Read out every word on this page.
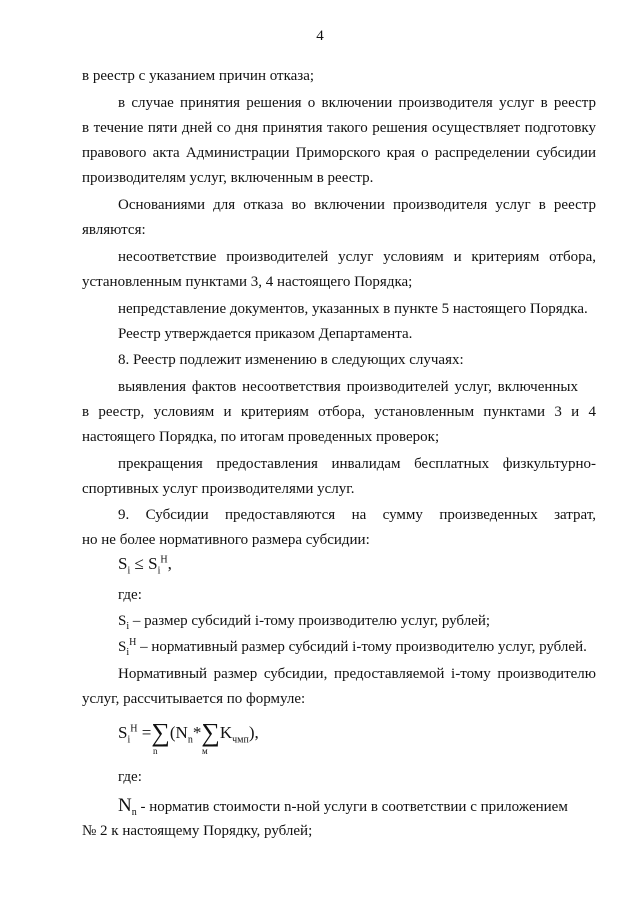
4
в реестр с указанием причин отказа;
в случае принятия решения о включении производителя услуг в реестр
в течение пяти дней со дня принятия такого решения осуществляет подготовку
правового акта Администрации Приморского края о распределении субсидии
производителям услуг, включенным в реестр.
Основаниями для отказа во включении производителя услуг в реестр
являются:
несоответствие производителей услуг условиям и критериям отбора,
установленным пунктами 3, 4 настоящего Порядка;
непредставление документов, указанных в пункте 5 настоящего Порядка.
Реестр утверждается приказом Департамента.
8. Реестр подлежит изменению в следующих случаях:
выявления фактов несоответствия производителей услуг, включенных
в реестр, условиям и критериям отбора, установленным пунктами 3 и 4
настоящего Порядка, по итогам проведенных проверок;
прекращения предоставления инвалидам бесплатных физкультурно-
спортивных услуг производителями услуг.
9. Субсидии предоставляются на сумму произведенных затрат,
но не более нормативного размера субсидии:
$S_i \le S_i^H$,
где:
$S_i$ – размер субсидий i-тому производителю услуг, рублей;
$S_i^H$ – нормативный размер субсидий i-тому производителю услуг, рублей.
Нормативный размер субсидии, предоставляемой i-тому производителю
услуг, рассчитывается по формуле:
$S_i^H =\sum(N_n*\sum K_{чмп})$,
n	м
где:
$N_n$ - норматив стоимости n-ной услуги в соответствии с приложением
№ 2 к настоящему Порядку, рублей;
